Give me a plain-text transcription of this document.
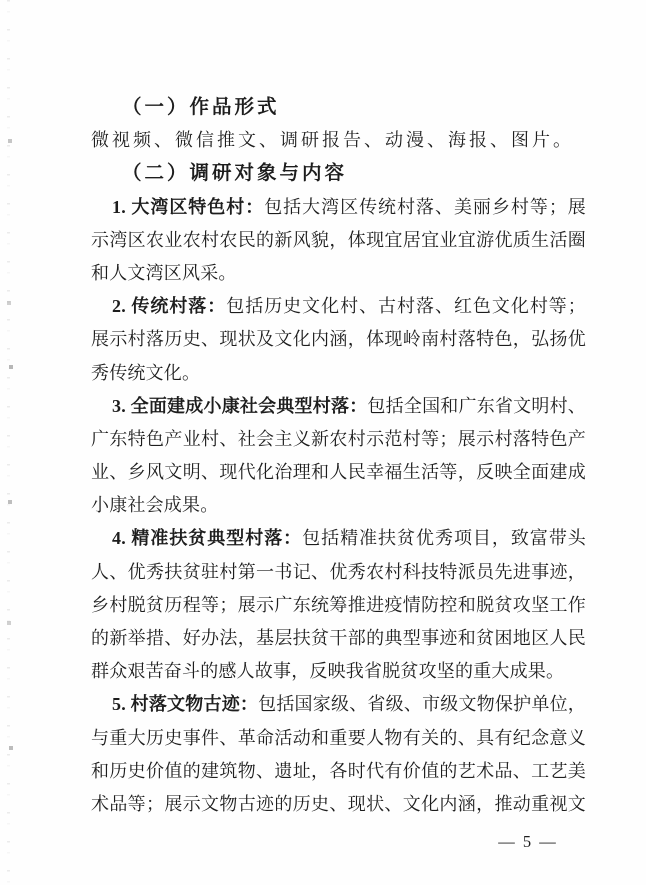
（一）作品形式
微视频、微信推文、调研报告、动漫、海报、图片。
（二）调研对象与内容
1. 大湾区特色村：包括大湾区传统村落、美丽乡村等；展
示湾区农业农村农民的新风貌，体现宜居宜业宜游优质生活圈
和人文湾区风采。
2. 传统村落：包括历史文化村、古村落、红色文化村等；
展示村落历史、现状及文化内涵，体现岭南村落特色，弘扬优
秀传统文化。
3. 全面建成小康社会典型村落：包括全国和广东省文明村、
广东特色产业村、社会主义新农村示范村等；展示村落特色产
业、乡风文明、现代化治理和人民幸福生活等，反映全面建成
小康社会成果。
4. 精准扶贫典型村落：包括精准扶贫优秀项目，致富带头
人、优秀扶贫驻村第一书记、优秀农村科技特派员先进事迹，
乡村脱贫历程等；展示广东统筹推进疫情防控和脱贫攻坚工作
的新举措、好办法，基层扶贫干部的典型事迹和贫困地区人民
群众艰苦奋斗的感人故事，反映我省脱贫攻坚的重大成果。
5. 村落文物古迹：包括国家级、省级、市级文物保护单位，
与重大历史事件、革命活动和重要人物有关的、具有纪念意义
和历史价值的建筑物、遗址，各时代有价值的艺术品、工艺美
术品等；展示文物古迹的历史、现状、文化内涵，推动重视文
— 5 —
